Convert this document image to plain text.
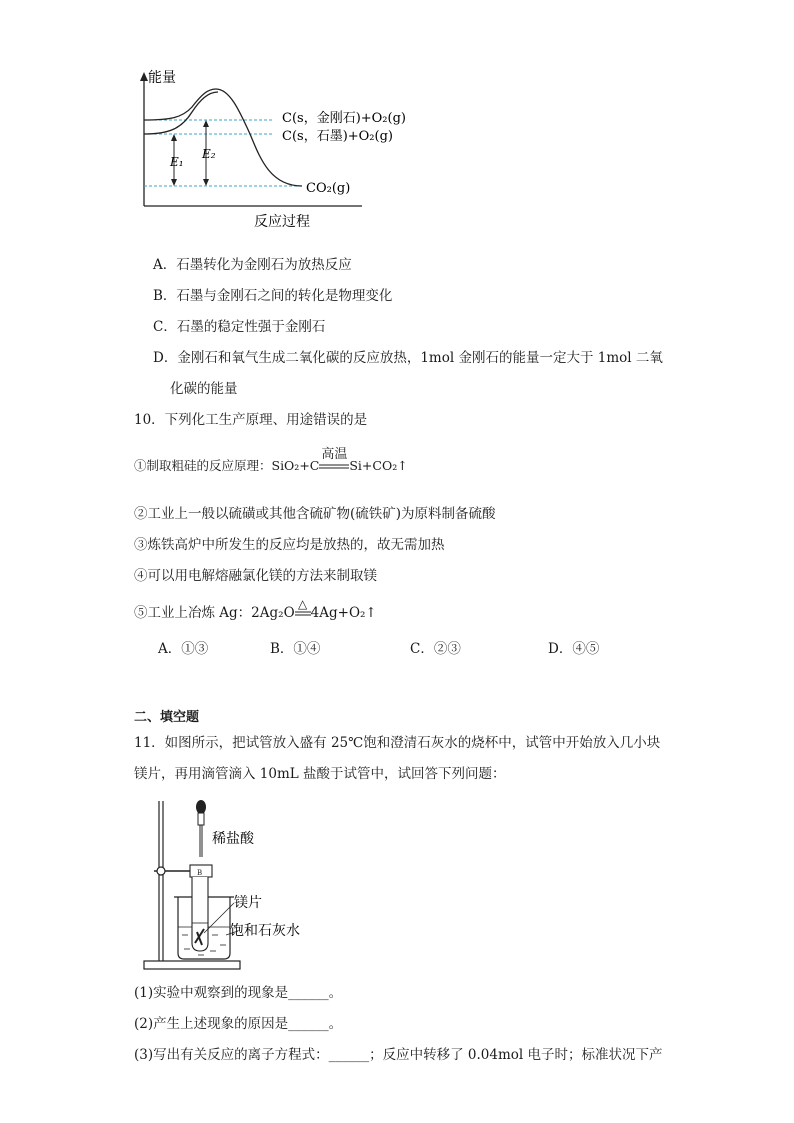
能量
反应过程
C(s，金刚石)+O₂(g)
C(s，石墨)+O₂(g)
CO₂(g)
E₁
E₂
A．石墨转化为金刚石为放热反应
B．石墨与金刚石之间的转化是物理变化
C．石墨的稳定性强于金刚石
D．金刚石和氧气生成二氧化碳的反应放热，1mol 金刚石的能量一定大于 1mol 二氧
化碳的能量
10．下列化工生产原理、用途错误的是
①制取粗硅的反应原理：SiO₂+C
高温
Si+CO₂↑
②工业上一般以硫磺或其他含硫矿物(硫铁矿)为原料制备硫酸
③炼铁高炉中所发生的反应均是放热的，故无需加热
④可以用电解熔融氯化镁的方法来制取镁
⑤工业上冶炼 Ag：2Ag₂O
△
4Ag+O₂↑
A．①③	B．①④	C．②③	D．④⑤
二、填空题
11．如图所示，把试管放入盛有 25℃饱和澄清石灰水的烧杯中，试管中开始放入几小块
镁片，再用滴管滴入 10mL 盐酸于试管中，试回答下列问题：
B
稀盐酸
镁片
饱和石灰水
(1)实验中观察到的现象是______。
(2)产生上述现象的原因是______。
(3)写出有关反应的离子方程式：______；反应中转移了 0.04mol 电子时；标准状况下产
